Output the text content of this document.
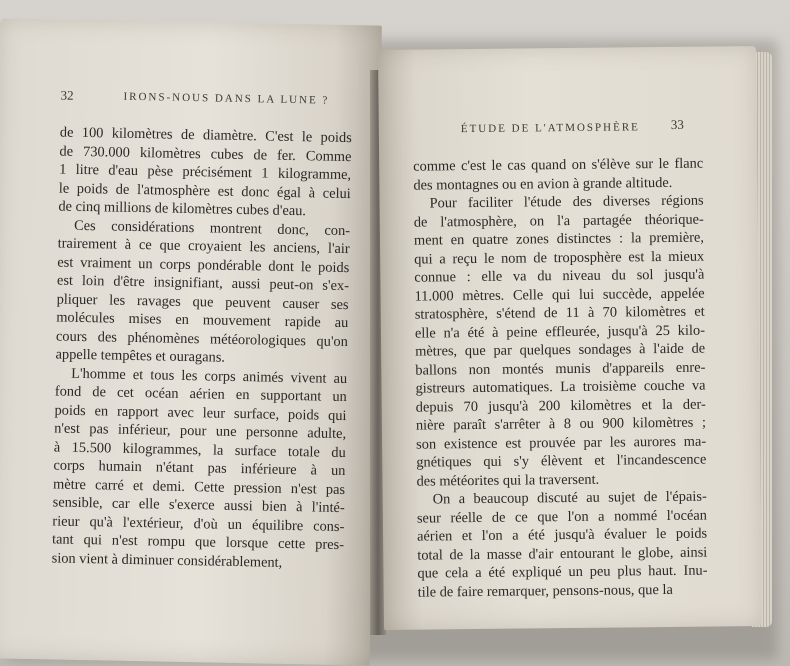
32	IRONS-NOUS DANS LA LUNE ?
de 100 kilomètres de diamètre. C'est le poids
de 730.000 kilomètres cubes de fer. Comme
1 litre d'eau pèse précisément 1 kilogramme,
le poids de l'atmosphère est donc égal à celui
de cinq millions de kilomètres cubes d'eau.
Ces considérations montrent donc, con-
trairement à ce que croyaient les anciens, l'air
est vraiment un corps pondérable dont le poids
est loin d'être insignifiant, aussi peut-on s'ex-
pliquer les ravages que peuvent causer ses
molécules mises en mouvement rapide au
cours des phénomènes météorologiques qu'on
appelle tempêtes et ouragans.
L'homme et tous les corps animés vivent au
fond de cet océan aérien en supportant un
poids en rapport avec leur surface, poids qui
n'est pas inférieur, pour une personne adulte,
à 15.500 kilogrammes, la surface totale du
corps humain n'étant pas inférieure à un
mètre carré et demi. Cette pression n'est pas
sensible, car elle s'exerce aussi bien à l'inté-
rieur qu'à l'extérieur, d'où un équilibre cons-
tant qui n'est rompu que lorsque cette pres-
sion vient à diminuer considérablement,
ÉTUDE DE L'ATMOSPHÈRE 33
comme c'est le cas quand on s'élève sur le flanc
des montagnes ou en avion à grande altitude.
Pour faciliter l'étude des diverses régions
de l'atmosphère, on l'a partagée théorique-
ment en quatre zones distinctes : la première,
qui a reçu le nom de troposphère est la mieux
connue : elle va du niveau du sol jusqu'à
11.000 mètres. Celle qui lui succède, appelée
stratosphère, s'étend de 11 à 70 kilomètres et
elle n'a été à peine effleurée, jusqu'à 25 kilo-
mètres, que par quelques sondages à l'aide de
ballons non montés munis d'appareils enre-
gistreurs automatiques. La troisième couche va
depuis 70 jusqu'à 200 kilomètres et la der-
nière paraît s'arrêter à 8 ou 900 kilomètres ;
son existence est prouvée par les aurores ma-
gnétiques qui s'y élèvent et l'incandescence
des météorites qui la traversent.
On a beaucoup discuté au sujet de l'épais-
seur réelle de ce que l'on a nommé l'océan
aérien et l'on a été jusqu'à évaluer le poids
total de la masse d'air entourant le globe, ainsi
que cela a été expliqué un peu plus haut. Inu-
tile de faire remarquer, pensons-nous, que la
